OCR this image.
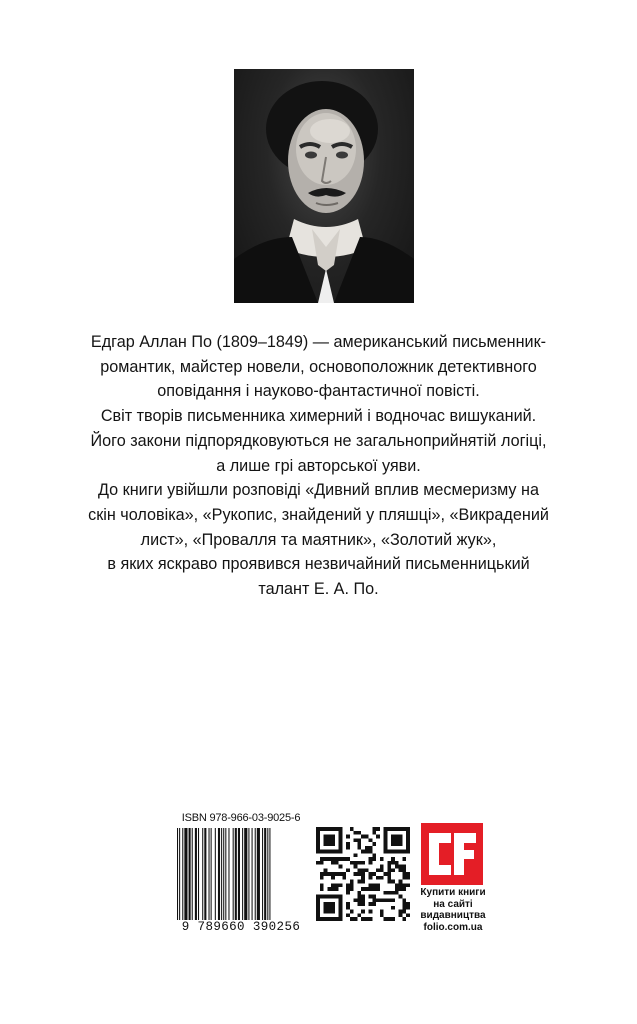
Едгар Аллан По (1809–1849) — американський письменник-

романтик, майстер новели, основоположник детективного

оповідання і науково-фантастичної повісті.

Світ творів письменника химерний і водночас вишуканий.

Його закони підпорядковуються не загальноприйнятій логіці,

а лише грі авторської уяви.

До книги увійшли розповіді «Дивний вплив месмеризму на

скін чоловіка», «Рукопис, знайдений у пляшці», «Викрадений

лист», «Провалля та маятник», «Золотий жук»,

в яких яскраво проявився незвичайний письменницький

талант Е. А. По.

ISBN 978-966-03-9025-6
9 789660 390256
Купити книги
на сайті
видавництва
folio.com.ua
